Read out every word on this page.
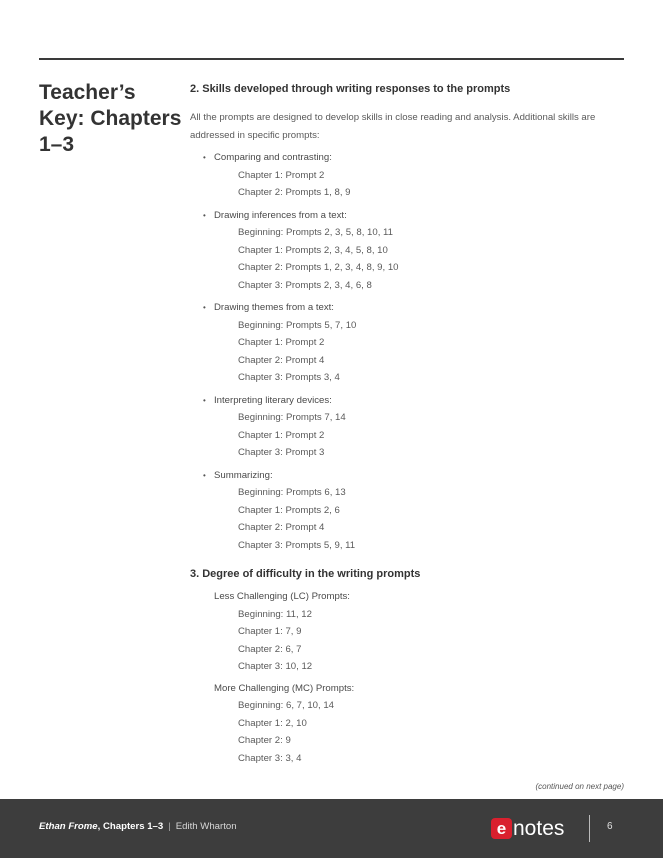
Teacher’s Key: Chapters 1–3
2. Skills developed through writing responses to the prompts

All the prompts are designed to develop skills in close reading and analysis. Additional skills are addressed in specific prompts:

• Comparing and contrasting:
Chapter 1: Prompt 2
Chapter 2: Prompts 1, 8, 9
• Drawing inferences from a text:
Beginning: Prompts 2, 3, 5, 8, 10, 11
Chapter 1: Prompts 2, 3, 4, 5, 8, 10
Chapter 2: Prompts 1, 2, 3, 4, 8, 9, 10
Chapter 3: Prompts 2, 3, 4, 6, 8
• Drawing themes from a text:
Beginning: Prompts 5, 7, 10
Chapter 1: Prompt 2
Chapter 2: Prompt 4
Chapter 3: Prompts 3, 4
• Interpreting literary devices:
Beginning: Prompts 7, 14
Chapter 1: Prompt 2
Chapter 3: Prompt 3
• Summarizing:
Beginning: Prompts 6, 13
Chapter 1: Prompts 2, 6
Chapter 2: Prompt 4
Chapter 3: Prompts 5, 9, 11
3. Degree of difficulty in the writing prompts
Less Challenging (LC) Prompts:
Beginning: 11, 12
Chapter 1: 7, 9
Chapter 2: 6, 7
Chapter 3: 10, 12
More Challenging (MC) Prompts:
Beginning: 6, 7, 10, 14
Chapter 1: 2, 10
Chapter 2: 9
Chapter 3: 3, 4
(continued on next page)
Ethan Frome, Chapters 1–3 | Edith Wharton	e notes	6
